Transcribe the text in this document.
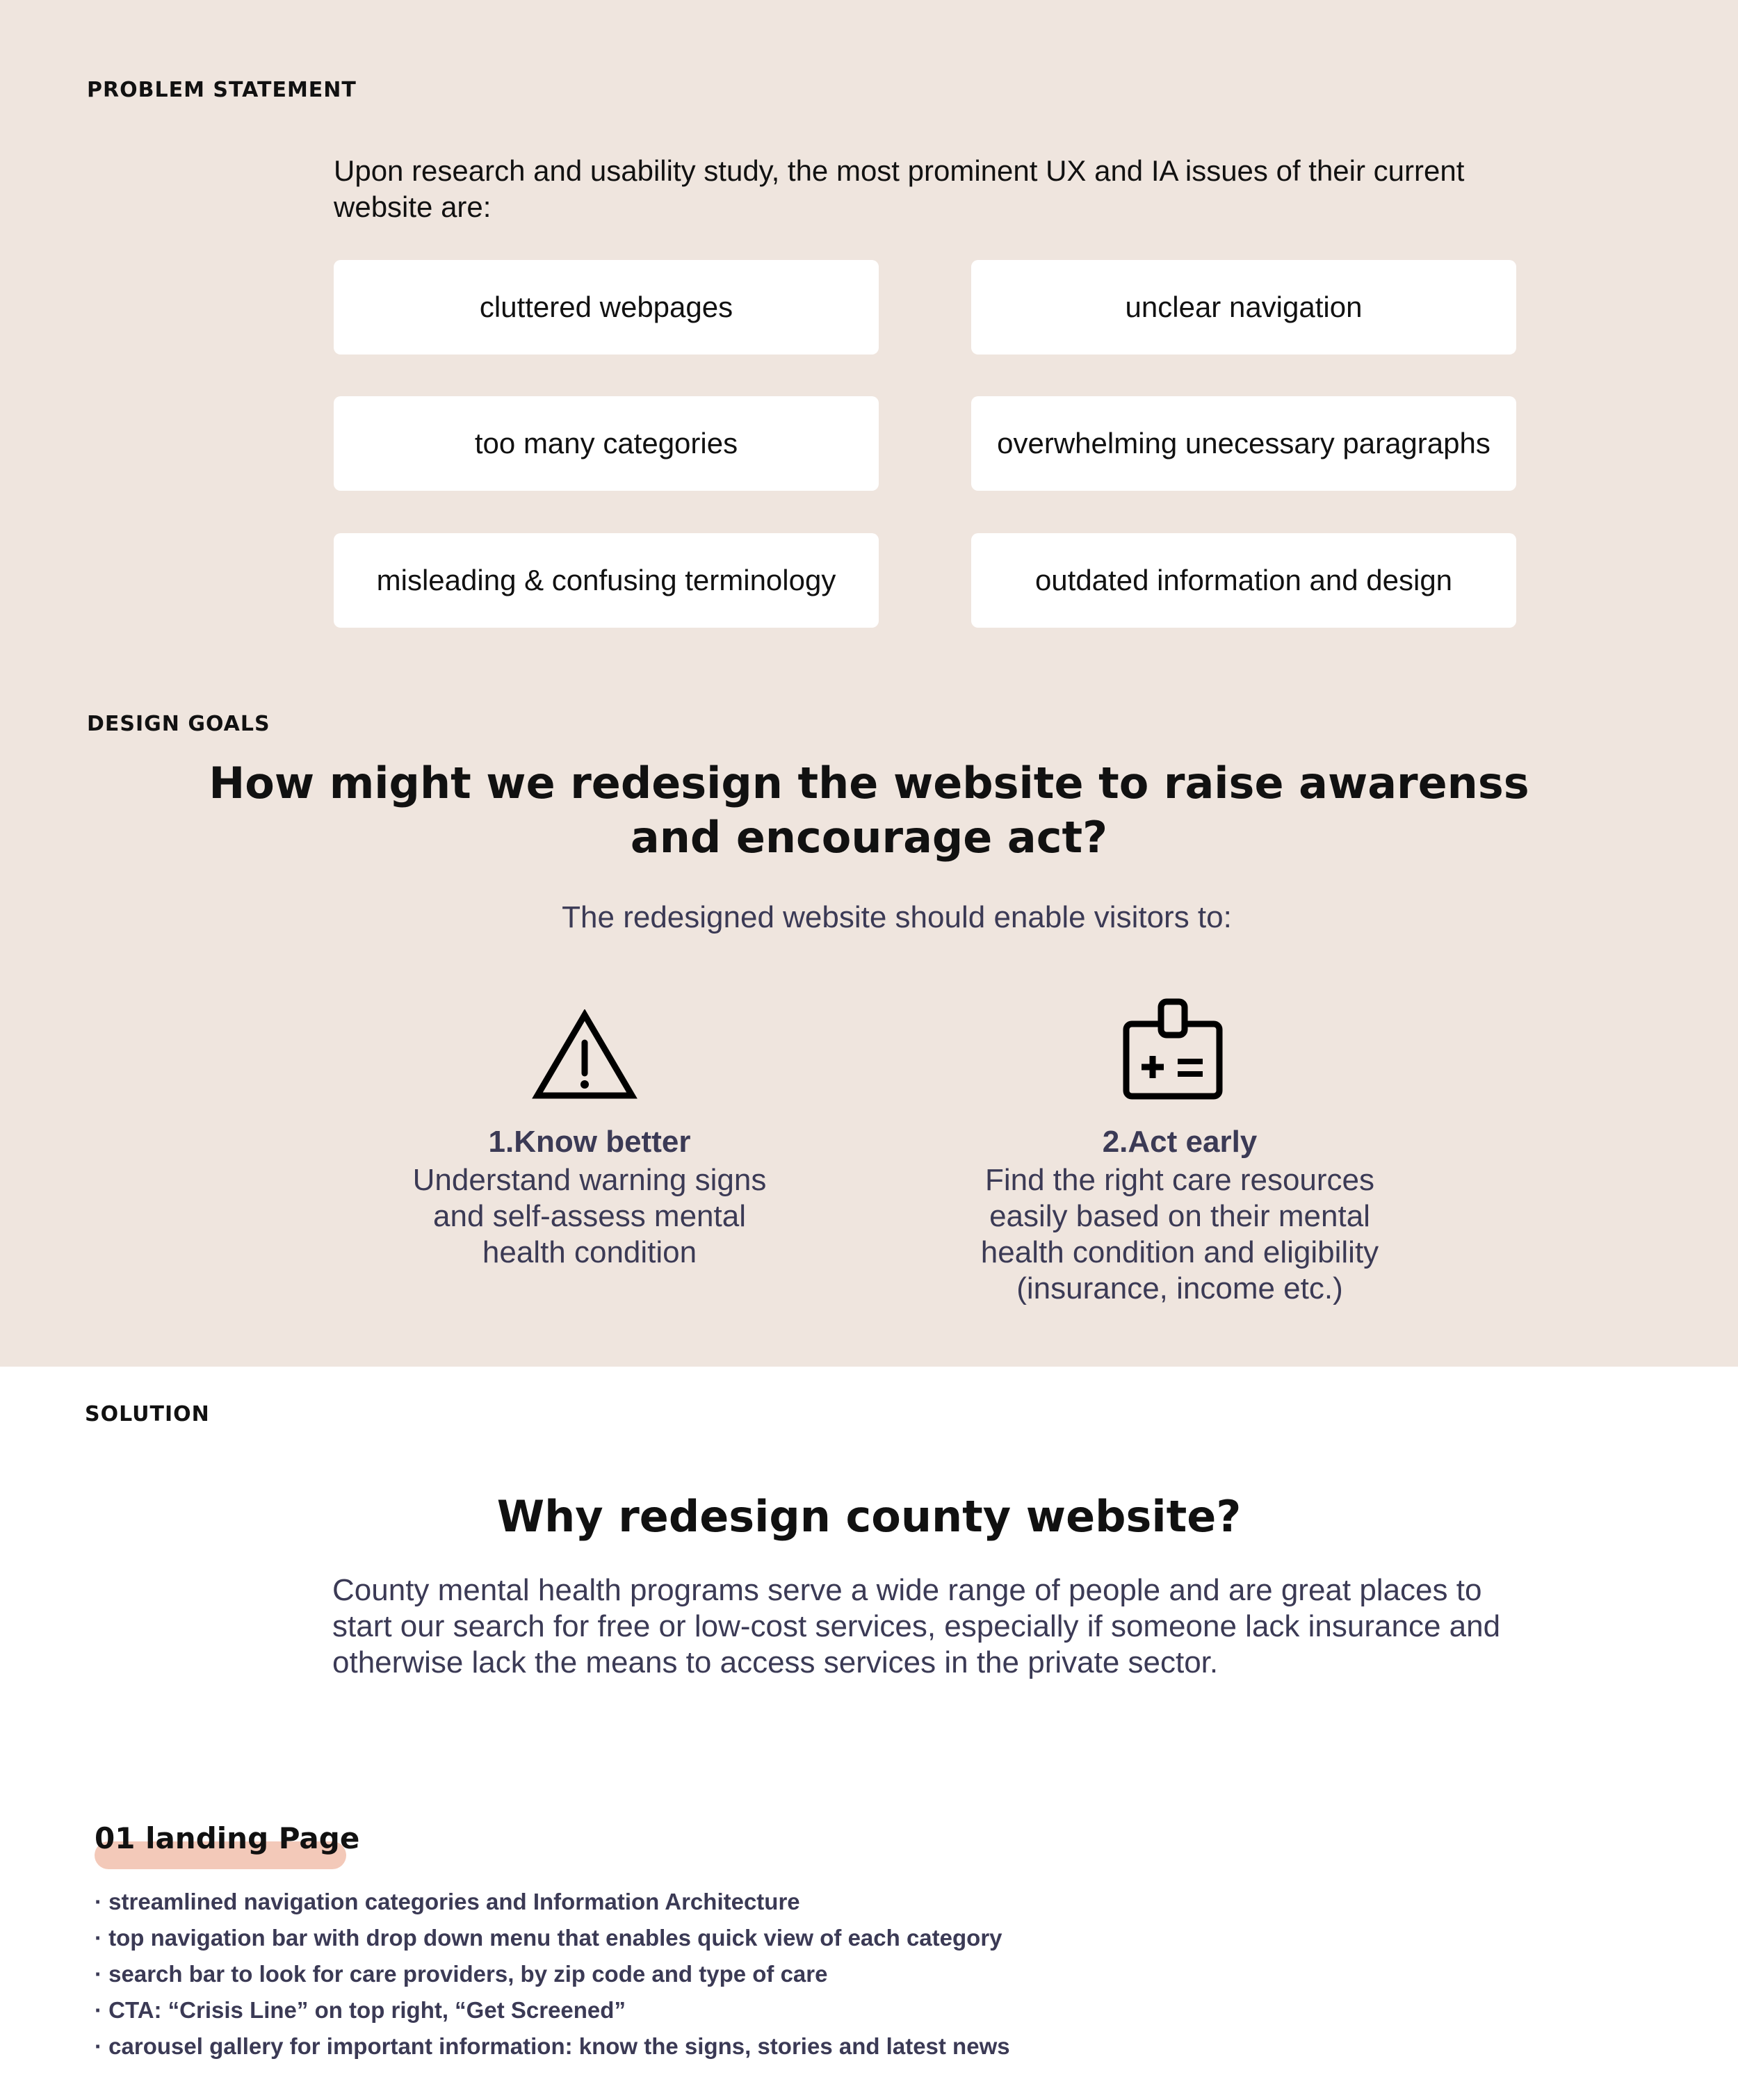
PROBLEM STATEMENT
Upon research and usability study, the most prominent UX and IA issues of their current website are:
cluttered webpages	unclear navigation
too many categories	overwhelming unecessary paragraphs
misleading & confusing terminology	outdated information and design
DESIGN GOALS
How might we redesign the website to raise awarenss and encourage act?
The redesigned website should enable visitors to:
1.Know better
Understand warning signs and self-assess mental health condition
2.Act early
Find the right care resources easily based on their mental health condition and eligibility (insurance, income etc.)
SOLUTION
Why redesign county website?
County mental health programs serve a wide range of people and are great places to start our search for free or low-cost services, especially if someone lack insurance and otherwise lack the means to access services in the private sector.
01 landing Page
· streamlined navigation categories and Information Architecture
· top navigation bar with drop down menu that enables quick view of each category
· search bar to look for care providers, by zip code and type of care
· CTA: “Crisis Line” on top right, “Get Screened”
· carousel gallery for important information: know the signs, stories and latest news
